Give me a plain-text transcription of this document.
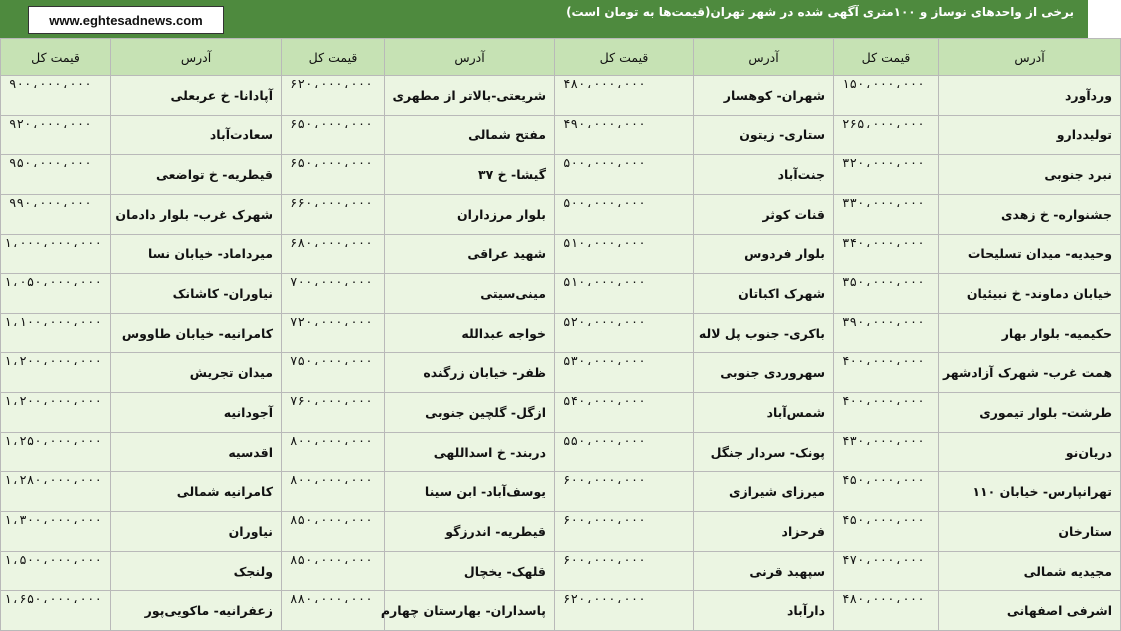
www.eghtesadnews.com
برخی از واحدهای نوساز و ۱۰۰متری آگهی شده در شهر تهران(قیمت‌ها به تومان است)
آدرس	قیمت کل	آدرس	قیمت کل	آدرس	قیمت کل	آدرس	قیمت کل
وردآورد	۱۵۰،۰۰۰،۰۰۰	شهران- کوهسار	۴۸۰،۰۰۰،۰۰۰	شریعتی-بالاتر از مطهری	۶۲۰،۰۰۰،۰۰۰	آپادانا- خ عربعلی	۹۰۰،۰۰۰،۰۰۰
تولیددارو	۲۶۵،۰۰۰،۰۰۰	ستاری- زیتون	۴۹۰،۰۰۰،۰۰۰	مفتح شمالی	۶۵۰،۰۰۰،۰۰۰	سعادت‌آباد	۹۲۰،۰۰۰،۰۰۰
نبرد جنوبی	۳۲۰،۰۰۰،۰۰۰	جنت‌آباد	۵۰۰،۰۰۰،۰۰۰	گیشا- خ ۳۷	۶۵۰،۰۰۰،۰۰۰	قیطریه- خ تواضعی	۹۵۰،۰۰۰،۰۰۰
جشنواره- خ زهدی	۳۳۰،۰۰۰،۰۰۰	قنات کوثر	۵۰۰،۰۰۰،۰۰۰	بلوار مرزداران	۶۶۰،۰۰۰،۰۰۰	شهرک غرب- بلوار دادمان	۹۹۰،۰۰۰،۰۰۰
وحیدیه- میدان تسلیحات	۳۴۰،۰۰۰،۰۰۰	بلوار فردوس	۵۱۰،۰۰۰،۰۰۰	شهید عراقی	۶۸۰،۰۰۰،۰۰۰	میرداماد- خیابان نسا	۱،۰۰۰،۰۰۰،۰۰۰
خیابان دماوند- خ نبیئیان	۳۵۰،۰۰۰،۰۰۰	شهرک اکباتان	۵۱۰،۰۰۰،۰۰۰	مینی‌سیتی	۷۰۰،۰۰۰،۰۰۰	نیاوران- کاشانک	۱،۰۵۰،۰۰۰،۰۰۰
حکیمیه- بلوار بهار	۳۹۰،۰۰۰،۰۰۰	باکری- جنوب پل لاله	۵۲۰،۰۰۰،۰۰۰	خواجه عبدالله	۷۲۰،۰۰۰،۰۰۰	کامرانیه- خیابان طاووس	۱،۱۰۰،۰۰۰،۰۰۰
همت غرب- شهرک آزادشهر	۴۰۰،۰۰۰،۰۰۰	سهروردی جنوبی	۵۳۰،۰۰۰،۰۰۰	ظفر- خیابان زرگنده	۷۵۰،۰۰۰،۰۰۰	میدان تجریش	۱،۲۰۰،۰۰۰،۰۰۰
طرشت- بلوار تیموری	۴۰۰،۰۰۰،۰۰۰	شمس‌آباد	۵۴۰،۰۰۰،۰۰۰	ازگل- گلچین جنوبی	۷۶۰،۰۰۰،۰۰۰	آجودانیه	۱،۲۰۰،۰۰۰،۰۰۰
دریان‌نو	۴۳۰،۰۰۰،۰۰۰	پونک- سردار جنگل	۵۵۰،۰۰۰،۰۰۰	دربند- خ اسداللهی	۸۰۰،۰۰۰،۰۰۰	اقدسیه	۱،۲۵۰،۰۰۰،۰۰۰
تهرانپارس- خیابان ۱۱۰	۴۵۰،۰۰۰،۰۰۰	میرزای شیرازی	۶۰۰،۰۰۰،۰۰۰	یوسف‌آباد- ابن سینا	۸۰۰،۰۰۰،۰۰۰	کامرانیه شمالی	۱،۲۸۰،۰۰۰،۰۰۰
ستارخان	۴۵۰،۰۰۰،۰۰۰	فرحزاد	۶۰۰،۰۰۰،۰۰۰	قیطریه- اندرزگو	۸۵۰،۰۰۰،۰۰۰	نیاوران	۱،۳۰۰،۰۰۰،۰۰۰
مجیدیه شمالی	۴۷۰،۰۰۰،۰۰۰	سپهبد قرنی	۶۰۰،۰۰۰،۰۰۰	قلهک- یخچال	۸۵۰،۰۰۰،۰۰۰	ولنجک	۱،۵۰۰،۰۰۰،۰۰۰
اشرفی اصفهانی	۴۸۰،۰۰۰،۰۰۰	دارآباد	۶۲۰،۰۰۰،۰۰۰	پاسداران- بهارستان چهارم	۸۸۰،۰۰۰،۰۰۰	زعفرانیه- ماکویی‌پور	۱،۶۵۰،۰۰۰،۰۰۰
